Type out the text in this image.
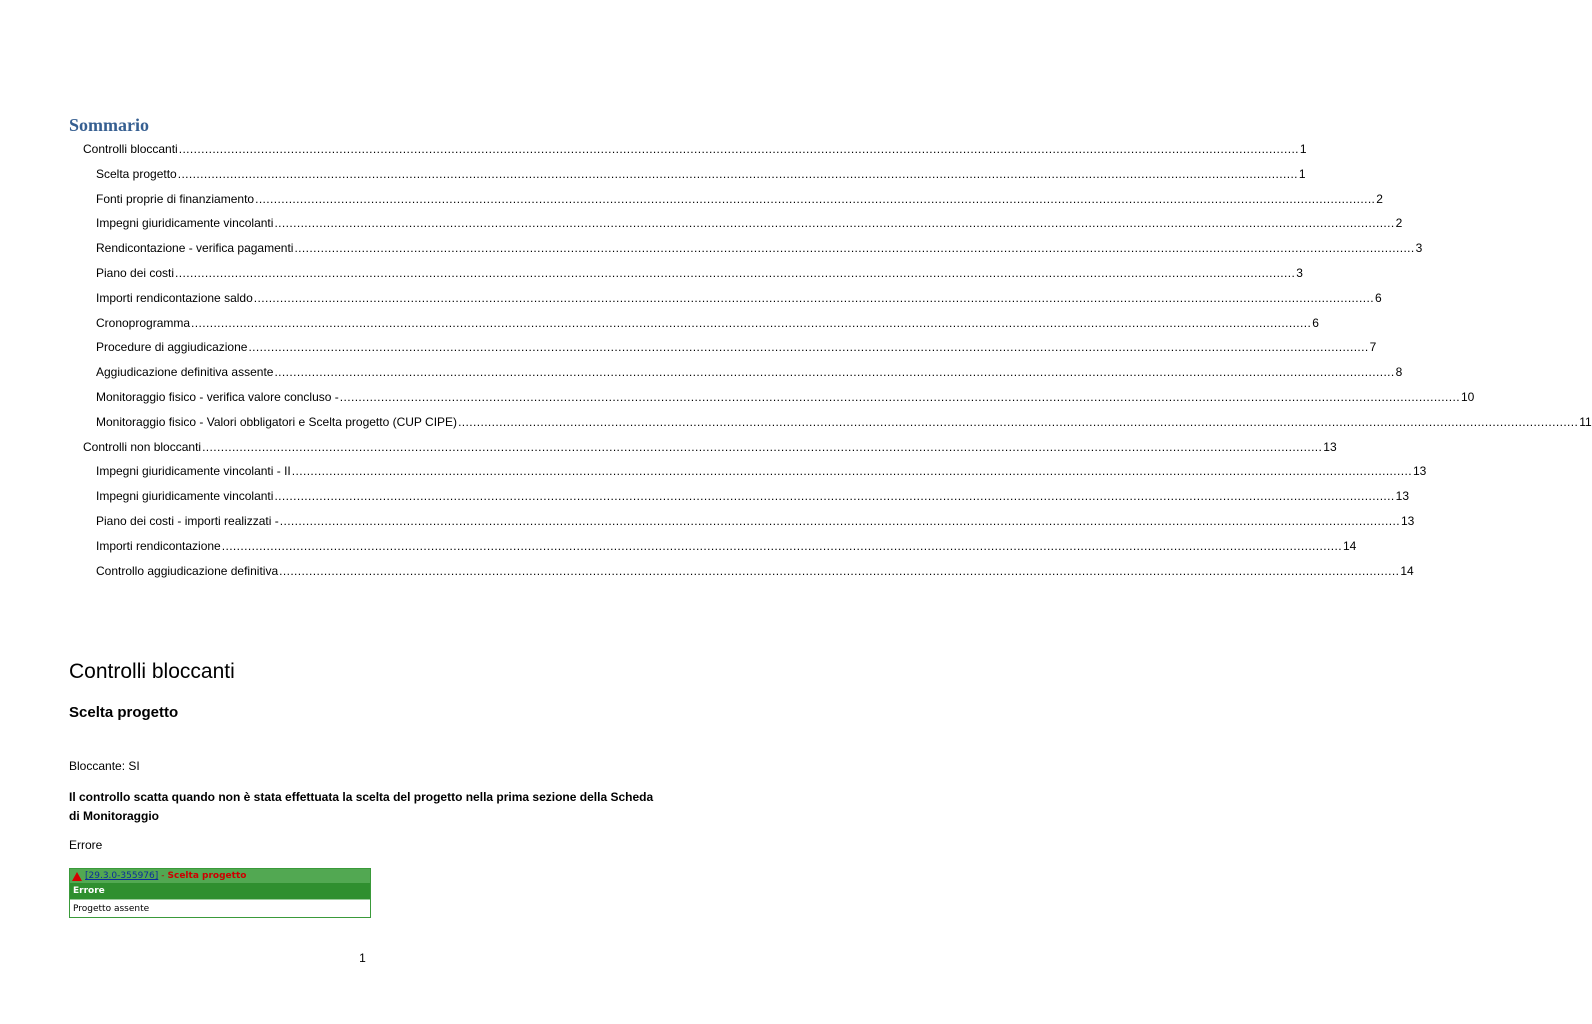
Sommario
Controlli bloccanti ............................................................................................................................................................................................................................................................................................................ 1
Scelta progetto ............................................................................................................................................................................................................................................................................................................ 1
Fonti proprie di finanziamento ............................................................................................................................................................................................................................................................................................................ 2
Impegni giuridicamente vincolanti ............................................................................................................................................................................................................................................................................................................ 2
Rendicontazione - verifica pagamenti ............................................................................................................................................................................................................................................................................................................ 3
Piano dei costi ............................................................................................................................................................................................................................................................................................................ 3
Importi rendicontazione saldo ............................................................................................................................................................................................................................................................................................................ 6
Cronoprogramma ............................................................................................................................................................................................................................................................................................................ 6
Procedure di aggiudicazione ............................................................................................................................................................................................................................................................................................................ 7
Aggiudicazione definitiva assente ............................................................................................................................................................................................................................................................................................................ 8
Monitoraggio fisico - verifica valore concluso - ............................................................................................................................................................................................................................................................................................................ 10
Monitoraggio fisico - Valori obbligatori e Scelta progetto (CUP CIPE) ............................................................................................................................................................................................................................................................................................................ 11
Controlli non bloccanti ............................................................................................................................................................................................................................................................................................................ 13
Impegni giuridicamente vincolanti - II ............................................................................................................................................................................................................................................................................................................ 13
Impegni giuridicamente vincolanti ............................................................................................................................................................................................................................................................................................................ 13
Piano dei costi - importi realizzati - ............................................................................................................................................................................................................................................................................................................ 13
Importi rendicontazione ............................................................................................................................................................................................................................................................................................................ 14
Controllo aggiudicazione definitiva ............................................................................................................................................................................................................................................................................................................ 14
Controlli bloccanti
Scelta progetto

Bloccante: SI

Il controllo scatta quando non è stata effettuata la scelta del progetto nella prima sezione della Scheda di Monitoraggio

Errore

[29.3.0-355976] - Scelta progetto
Errore
Progetto assente
1
